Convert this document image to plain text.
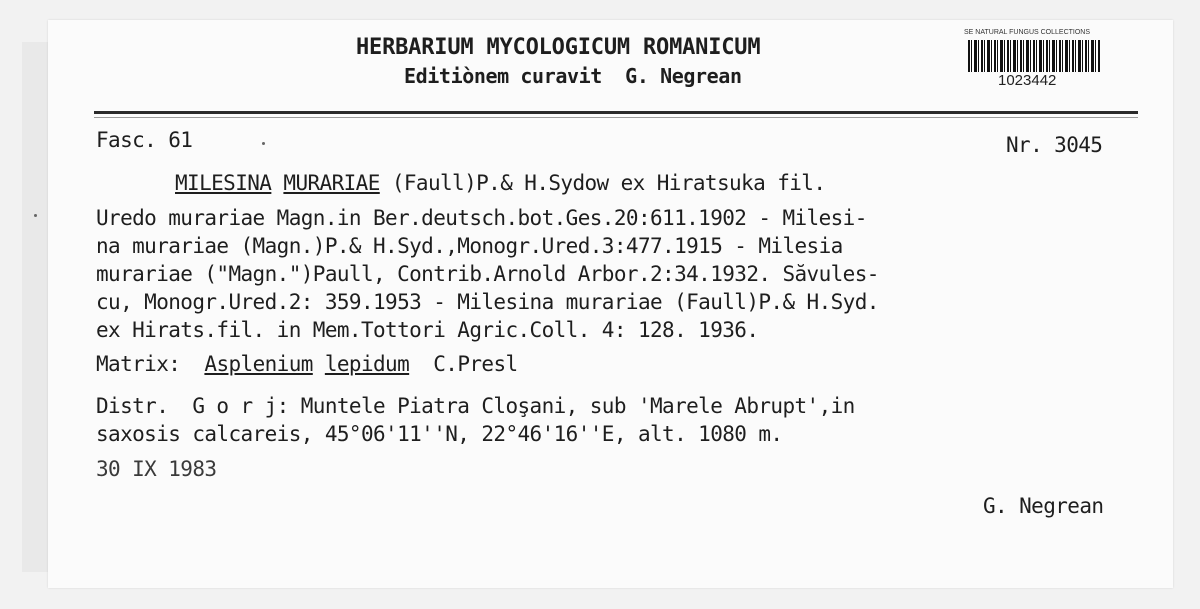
HERBARIUM MYCOLOGICUM ROMANICUM
Editiònem curavit  G. Negrean
SE NATURAL FUNGUS COLLECTIONS
1023442
Fasc. 61	Nr. 3045
MILESINA MURARIAE (Faull)P.& H.Sydow ex Hiratsuka fil.
Uredo murariae Magn.in Ber.deutsch.bot.Ges.20:611.1902 - Milesi-
na murariae (Magn.)P.& H.Syd.,Monogr.Ured.3:477.1915 - Milesia
murariae ("Magn.")Paull, Contrib.Arnold Arbor.2:34.1932. Săvules-
cu, Monogr.Ured.2: 359.1953 - Milesina murariae (Faull)P.& H.Syd.
ex Hirats.fil. in Mem.Tottori Agric.Coll. 4: 128. 1936.
Matrix: Asplenium lepidum C.Presl
Distr.  G o r j: Muntele Piatra Cloşani, sub 'Marele Abrupt',in
saxosis calcareis, 45°06'11''N, 22°46'16''E, alt. 1080 m.
30 IX 1983
G. Negrean
